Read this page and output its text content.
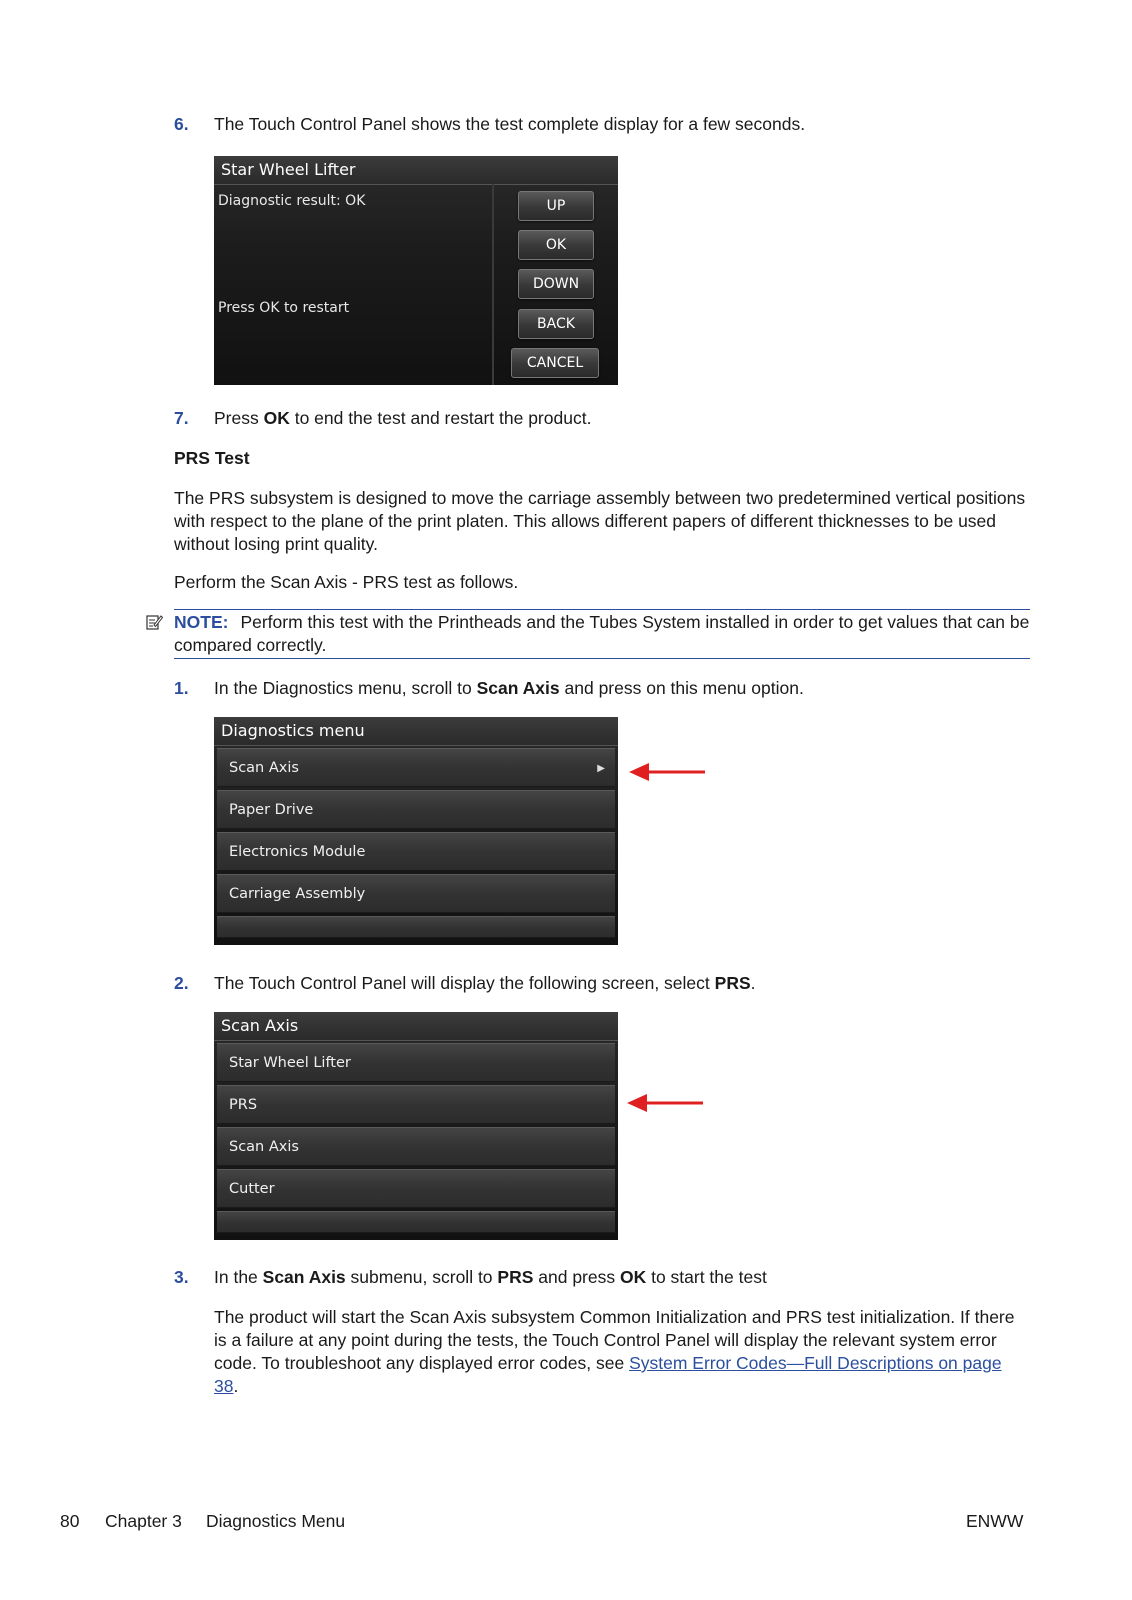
6. The Touch Control Panel shows the test complete display for a few seconds.
Star Wheel Lifter
Diagnostic result: OK
Press OK to restart
UP
OK
DOWN
BACK
CANCEL
7. Press OK to end the test and restart the product.
PRS Test
The PRS subsystem is designed to move the carriage assembly between two predetermined vertical positions with respect to the plane of the print platen. This allows different papers of different thicknesses to be used without losing print quality.
Perform the Scan Axis - PRS test as follows.
NOTE: Perform this test with the Printheads and the Tubes System installed in order to get values that can be compared correctly.
1. In the Diagnostics menu, scroll to Scan Axis and press on this menu option.
Diagnostics menu
Scan Axis	▶
Paper Drive
Electronics Module
Carriage Assembly
2. The Touch Control Panel will display the following screen, select PRS.
Scan Axis
Star Wheel Lifter
PRS
Scan Axis
Cutter
3. In the Scan Axis submenu, scroll to PRS and press OK to start the test
The product will start the Scan Axis subsystem Common Initialization and PRS test initialization. If there is a failure at any point during the tests, the Touch Control Panel will display the relevant system error code. To troubleshoot any displayed error codes, see System Error Codes—Full Descriptions on page 38.
80 Chapter 3 Diagnostics Menu	ENWW
